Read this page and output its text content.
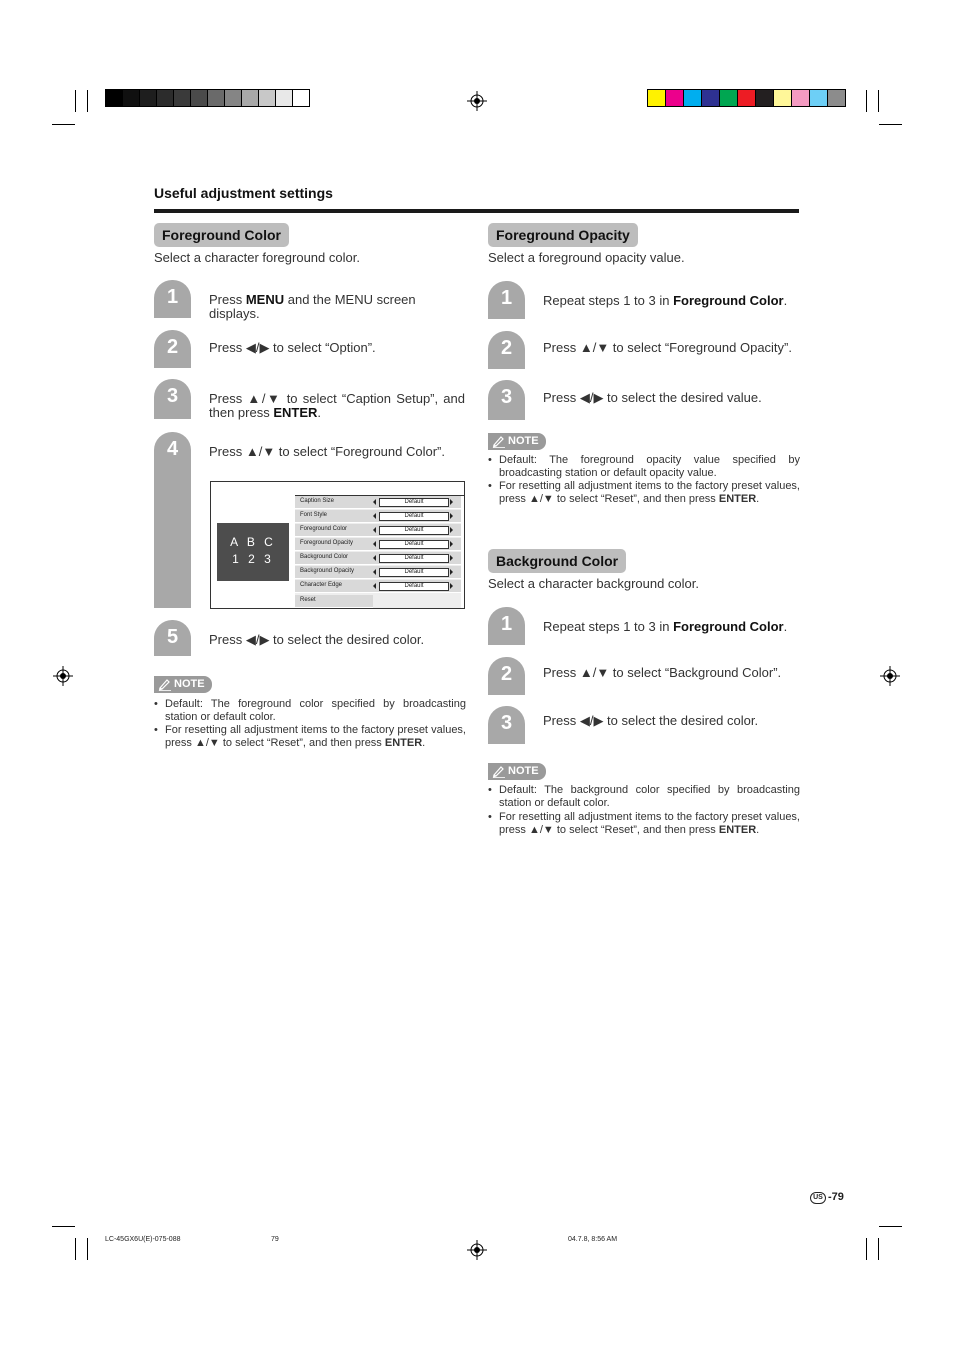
Useful adjustment settings
Foreground Color
Select a character foreground color.
1	Press MENU and the MENU screen displays.
2	Press ◀/▶ to select “Option”.
3	Press ▲/▼ to select “Caption Setup”, and then press ENTER.
4	Press ▲/▼ to select “Foreground Color”.
A B C
1 2 3
Caption Size	Default
Font Style	Default
Foreground Color	Default
Foreground Opacity	Default
Background Color	Default
Background Opacity	Default
Character Edge	Default
Reset
5	Press ◀/▶ to select the desired color.
NOTE
• Default: The foreground color specified by broadcasting station or default color.
• For resetting all adjustment items to the factory preset values, press ▲/▼ to select “Reset”, and then press ENTER.
Foreground Opacity
Select a foreground opacity value.
1	Repeat steps 1 to 3 in Foreground Color.
2	Press ▲/▼ to select “Foreground Opacity”.
3	Press ◀/▶ to select the desired value.
NOTE
• Default: The foreground opacity value specified by broadcasting station or default opacity value.
• For resetting all adjustment items to the factory preset values, press ▲/▼ to select “Reset”, and then press ENTER.
Background Color
Select a character background color.
1	Repeat steps 1 to 3 in Foreground Color.
2	Press ▲/▼ to select “Background Color”.
3	Press ◀/▶ to select the desired color.
NOTE
• Default: The background color specified by broadcasting station or default color.
• For resetting all adjustment items to the factory preset values, press ▲/▼ to select “Reset”, and then press ENTER.
US -79
LC-45GX6U(E)-075-088	79	04.7.8, 8:56 AM
